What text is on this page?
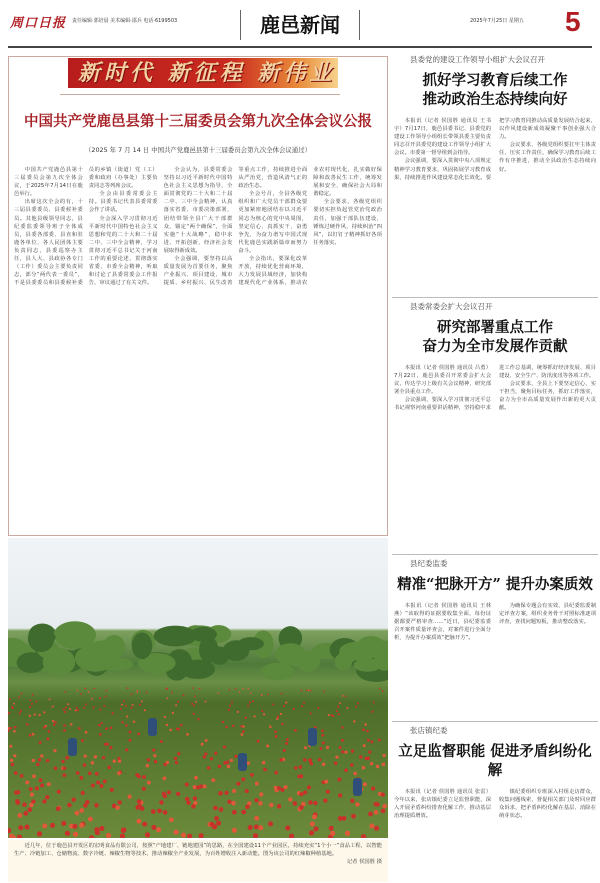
周口日报 责任编辑·郭培晨 美术编辑·邵兵 电话·6199503	鹿邑新闻	2025年7月25日 星期五 5
新时代 新征程 新伟业
中国共产党鹿邑县第十三届委员会第九次全体会议公报
（2025 年 7 月 14 日 中国共产党鹿邑县第十三届委员会第九次全体会议通过）

中国共产党鹿邑县第十三届委员会第九次全体会议，于2025年7月14日在鹿邑举行。

出席这次全会的有，十三届县委委员、县委候补委员。其他县级领导同志，县纪委监委领导班子全体成员，县委各部委、县直和驻鹿各单位、各人民团体主要负责同志，县委巡察办主任，县人大、县政协各专门（工作）委员会主要负责同志，部分“两代表一委员”，不是县委委员和县委候补委员的乡镇（街道）党（工）委和政府（办事处）主要负责同志等列席会议。

全会由县委常委会主持。县委书记代表县委常委会作了讲话。

全会深入学习贯彻习近平新时代中国特色社会主义思想和党的二十大和二十届二中、三中全会精神，学习贯彻习近平总书记关于河南工作的重要论述，贯彻落实省委、市委全会精神，听取和讨论了县委常委会工作报告，审议通过了有关文件。

全会认为，县委常委会坚持以习近平新时代中国特色社会主义思想为指导，全面贯彻党的二十大和二十届二中、三中全会精神，认真落实省委、市委决策部署，团结带领全县广大干部群众，锚定“两个确保”，全面实施“十大战略”，稳中求进、开拓创新，经济社会发展取得新成效。

全会强调，要坚持以高质量发展为首要任务，聚焦产业振兴、项目建设、城市提质、乡村振兴、民生改善等重点工作，持续推进全面从严治党，营造风清气正的政治生态。

全会号召，全县各级党组织和广大党员干部群众要更加紧密地团结在以习近平同志为核心的党中央周围，坚定信心、真抓实干、奋勇争先，为奋力谱写中国式现代化鹿邑实践新篇章而努力奋斗。

全会指出，要深化改革开放，持续优化营商环境，大力发展县域经济，加快构建现代化产业体系，推动农业农村现代化，扎实做好保障和改善民生工作，统筹发展和安全，确保社会大局和谐稳定。

全会要求，各级党组织要切实担负起管党治党政治责任，加强干部队伍建设，锤炼过硬作风，持续纠治“四风”，以钉钉子精神抓好各项任务落实。

近几年，位于鹿邑县开发区的宏明食品有限公司，按照“产地建厂、链地建园”的思路，在全国建设11个产业园区，持续充实“1个小一”食品工程，以智能生产、冷链加工、仓储物流、数字冷链、辣椒生物等技术，推动辣椒全产业发展，为百姓增收注入新动能。图为该公司的红辣椒种植基地。
记者 侯国胜 摄
县委党的建设工作领导小组扩大会议召开
抓好学习教育后续工作
推动政治生态持续向好

本报讯（记者 侯国胜 通讯员 王书宇）7月17日，鹿邑县委书记、县委党的建设工作领导小组组长带领县委主要负责同志召开县委党的建设工作领导小组扩大会议。市委第一督导组到会指导。

会议强调，要深入贯彻中央八项规定精神学习教育要求，巩固拓展学习教育成果，持续推进作风建设常态化长效化。要把学习教育同推动高质量发展结合起来，以作风建设新成效凝聚干事创业强大合力。

会议要求，各级党组织要扛牢主体责任，压实工作责任，确保学习教育后续工作有序推进，推动全县政治生态持续向好。

县委常委会扩大会议召开
研究部署重点工作
奋力为全市发展作贡献

本报讯（记者 侯国胜 通讯员 吕勇）7月22日，鹿邑县委召开常委会扩大会议，传达学习上级有关会议精神，研究部署全县重点工作。

会议强调，要深入学习贯彻习近平总书记视察河南重要讲话精神，坚持稳中求进工作总基调，统筹抓好经济发展、项目建设、安全生产、防汛度汛等各项工作。

会议要求，全县上下要坚定信心、实干担当，聚焦目标任务，抓好工作落实，奋力为全市高质量发展作出新的更大贡献。

县纪委监委
精准“把脉开方” 提升办案质效

本报讯（记者 侯国胜 通讯员 王林燕）“该取得的证据要收集全面，每份证据都要严格审查……”近日，县纪委监委召开案件质量评查会，对案件进行全面分析，为提升办案质效“把脉开方”。

为确保专题会有实效，县纪委监委制定评查方案，组织业务骨干对照标准逐项评查，查找问题短板，推动整改落实。

张店镇纪委
立足监督职能 促进矛盾纠纷化解

本报讯（记者 侯国胜 通讯员 张雷）今年以来，张店镇纪委立足监督职能，深入开展矛盾纠纷排查化解工作，推动基层治理提质增效。

镇纪委组织专班深入村组走访群众，收集问题线索，督促相关部门及时回应群众诉求，把矛盾纠纷化解在基层、消除在萌芽状态。
